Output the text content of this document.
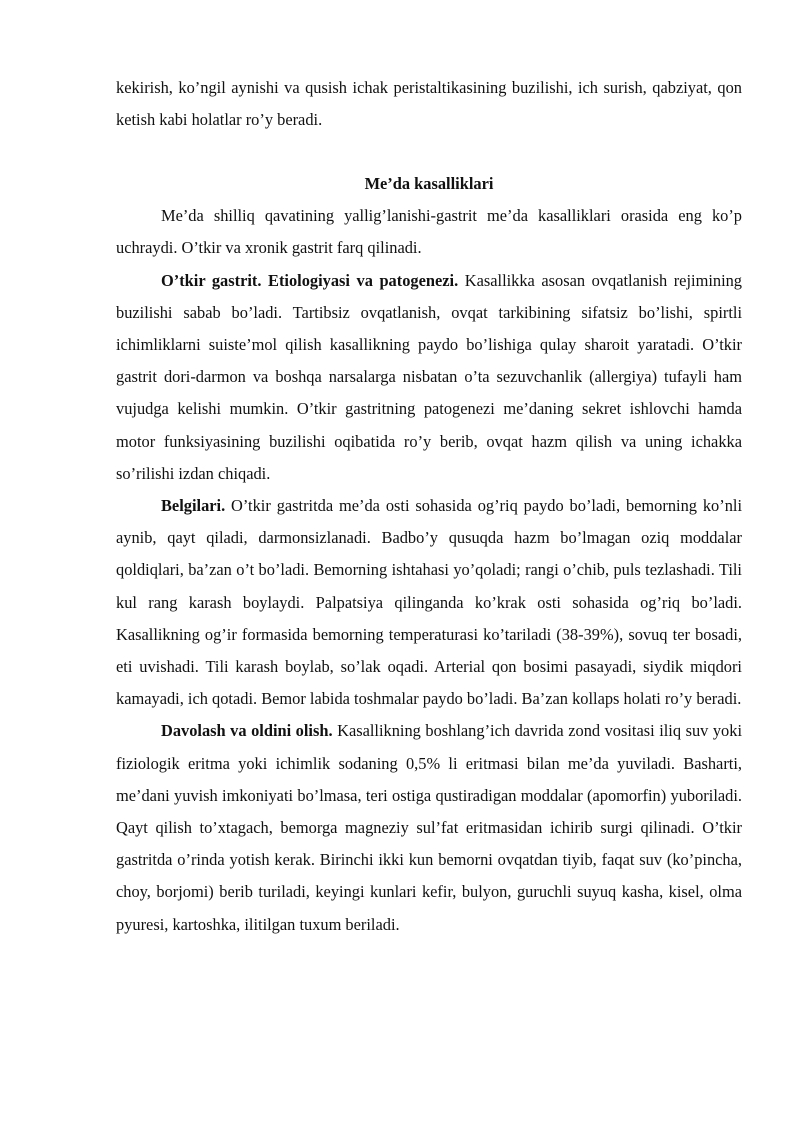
kekirish, ko’ngil aynishi va qusish ichak peristaltikasining buzilishi, ich surish, qabziyat, qon ketish kabi holatlar ro’y beradi.

Me’da kasalliklari

Me’da shilliq qavatining yallig’lanishi-gastrit me’da kasalliklari orasida eng ko’p uchraydi. O’tkir va xronik gastrit farq qilinadi.

O’tkir gastrit. Etiologiyasi va patogenezi. Kasallikka asosan ovqatlanish rejimining buzilishi sabab bo’ladi. Tartibsiz ovqatlanish, ovqat tarkibining sifatsiz bo’lishi, spirtli ichimliklarni suiste’mol qilish kasallikning paydo bo’lishiga qulay sharoit yaratadi. O’tkir gastrit dori-darmon va boshqa narsalarga nisbatan o’ta sezuvchanlik (allergiya) tufayli ham vujudga kelishi mumkin. O’tkir gastritning patogenezi me’daning sekret ishlovchi hamda motor funksiyasining buzilishi oqibatida ro’y berib, ovqat hazm qilish va uning ichakka so’rilishi izdan chiqadi.

Belgilari. O’tkir gastritda me’da osti sohasida og’riq paydo bo’ladi, bemorning ko’nli aynib, qayt qiladi, darmonsizlanadi. Badbo’y qusuqda hazm bo’lmagan oziq moddalar qoldiqlari, ba’zan o’t bo’ladi. Bemorning ishtahasi yo’qoladi; rangi o’chib, puls tezlashadi. Tili kul rang karash boylaydi. Palpatsiya qilinganda ko’krak osti sohasida og’riq bo’ladi. Kasallikning og’ir formasida bemorning temperaturasi ko’tariladi (38-39%), sovuq ter bosadi, eti uvishadi. Tili karash boylab, so’lak oqadi. Arterial qon bosimi pasayadi, siydik miqdori kamayadi, ich qotadi. Bemor labida toshmalar paydo bo’ladi. Ba’zan kollaps holati ro’y beradi.

Davolash va oldini olish. Kasallikning boshlang’ich davrida zond vositasi iliq suv yoki fiziologik eritma yoki ichimlik sodaning 0,5% li eritmasi bilan me’da yuviladi. Basharti, me’dani yuvish imkoniyati bo’lmasa, teri ostiga qustiradigan moddalar (apomorfin) yuboriladi. Qayt qilish to’xtagach, bemorga magneziy sul’fat eritmasidan ichirib surgi qilinadi. O’tkir gastritda o’rinda yotish kerak. Birinchi ikki kun bemorni ovqatdan tiyib, faqat suv (ko’pincha, choy, borjomi) berib turiladi, keyingi kunlari kefir, bulyon, guruchli suyuq kasha, kisel, olma pyuresi, kartoshka, ilitilgan tuxum beriladi.
